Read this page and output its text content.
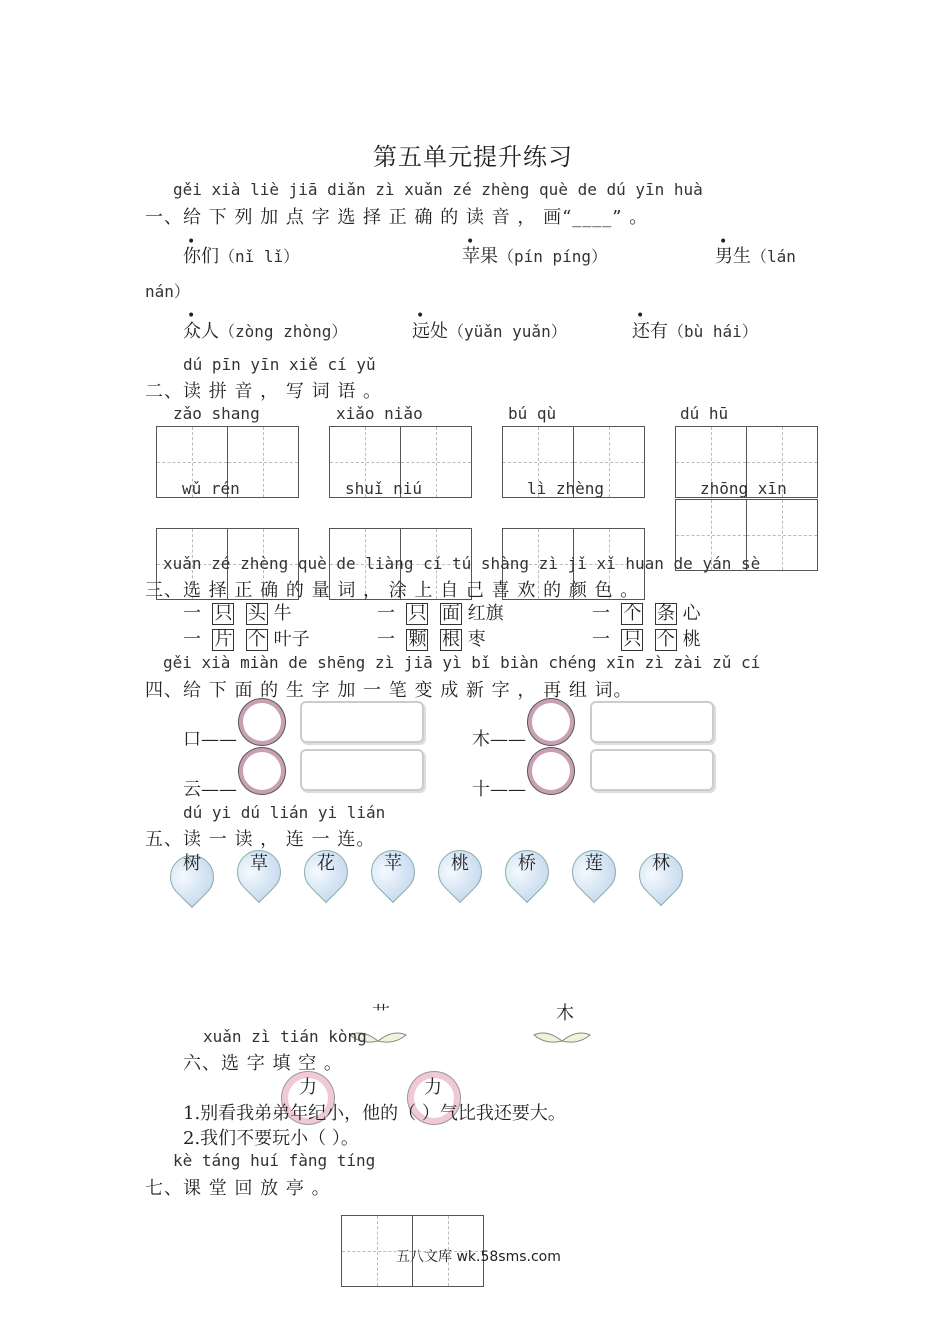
第五单元提升练习
gěi xià liè jiā diǎn zì xuǎn zé zhèng què de dú yīn huà
一、给 下 列 加 点 字 选 择 正 确 的 读 音 ， 画“____” 。
你们（nǐ lǐ）	苹果（pín píng）	男生（lán
nán）
众人（zòng zhòng）	远处（yüǎn yuǎn）	还有（bù hái）
•	•	•
•	•	•
dú pīn yīn xiě cí yǔ
二、读 拼 音 ， 写 词 语 。
zǎo shang	xiǎo niǎo	bú qù	dú hū
wǔ rén	shuǐ niú	lì zhèng	zhōng xīn
xuǎn zé zhèng què de liàng cí tú shàng zì jǐ xǐ huan de yán sè
三、选 择 正 确 的 量 词 ， 涂 上 自 己 喜 欢 的 颜 色 。
一 只 头 牛	一 只 面 红旗	一 个 条 心
一 片 个 叶子	一 颗 根 枣	一 只 个 桃
gěi xià miàn de shēng zì jiā yì bǐ biàn chéng xīn zì zài zǔ cí
四、给 下 面 的 生 字 加 一 笔 变 成 新 字 ， 再 组 词。
口——	木——
云——	十——
dú yi dú lián yi lián
五、读 一 读 ， 连 一 连。
树	草	花	苹	桃	桥	莲	林
艹	木
xuǎn zì tián kòng
六、选 字 填 空 。
力	力
1.别看我弟弟年纪小，他的（ ）气比我还要大。
2.我们不要玩小（ ）。
kè táng huí fàng tíng
七、课 堂 回 放 亭 。
五八文库 wk.58sms.com
